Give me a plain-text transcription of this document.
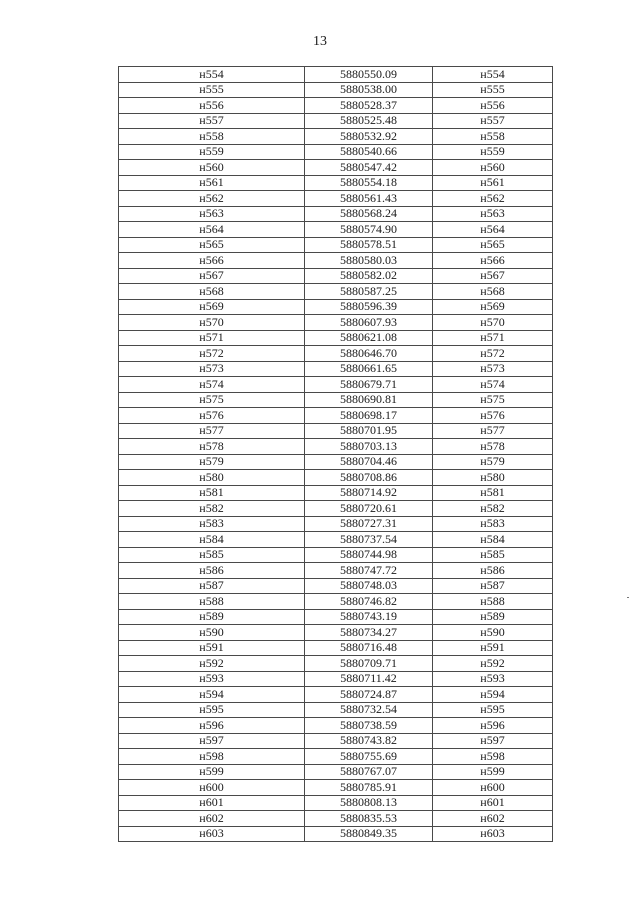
13
н554	5880550.09	н554
н555	5880538.00	н555
н556	5880528.37	н556
н557	5880525.48	н557
н558	5880532.92	н558
н559	5880540.66	н559
н560	5880547.42	н560
н561	5880554.18	н561
н562	5880561.43	н562
н563	5880568.24	н563
н564	5880574.90	н564
н565	5880578.51	н565
н566	5880580.03	н566
н567	5880582.02	н567
н568	5880587.25	н568
н569	5880596.39	н569
н570	5880607.93	н570
н571	5880621.08	н571
н572	5880646.70	н572
н573	5880661.65	н573
н574	5880679.71	н574
н575	5880690.81	н575
н576	5880698.17	н576
н577	5880701.95	н577
н578	5880703.13	н578
н579	5880704.46	н579
н580	5880708.86	н580
н581	5880714.92	н581
н582	5880720.61	н582
н583	5880727.31	н583
н584	5880737.54	н584
н585	5880744.98	н585
н586	5880747.72	н586
н587	5880748.03	н587
н588	5880746.82	н588
н589	5880743.19	н589
н590	5880734.27	н590
н591	5880716.48	н591
н592	5880709.71	н592
н593	5880711.42	н593
н594	5880724.87	н594
н595	5880732.54	н595
н596	5880738.59	н596
н597	5880743.82	н597
н598	5880755.69	н598
н599	5880767.07	н599
н600	5880785.91	н600
н601	5880808.13	н601
н602	5880835.53	н602
н603	5880849.35	н603
